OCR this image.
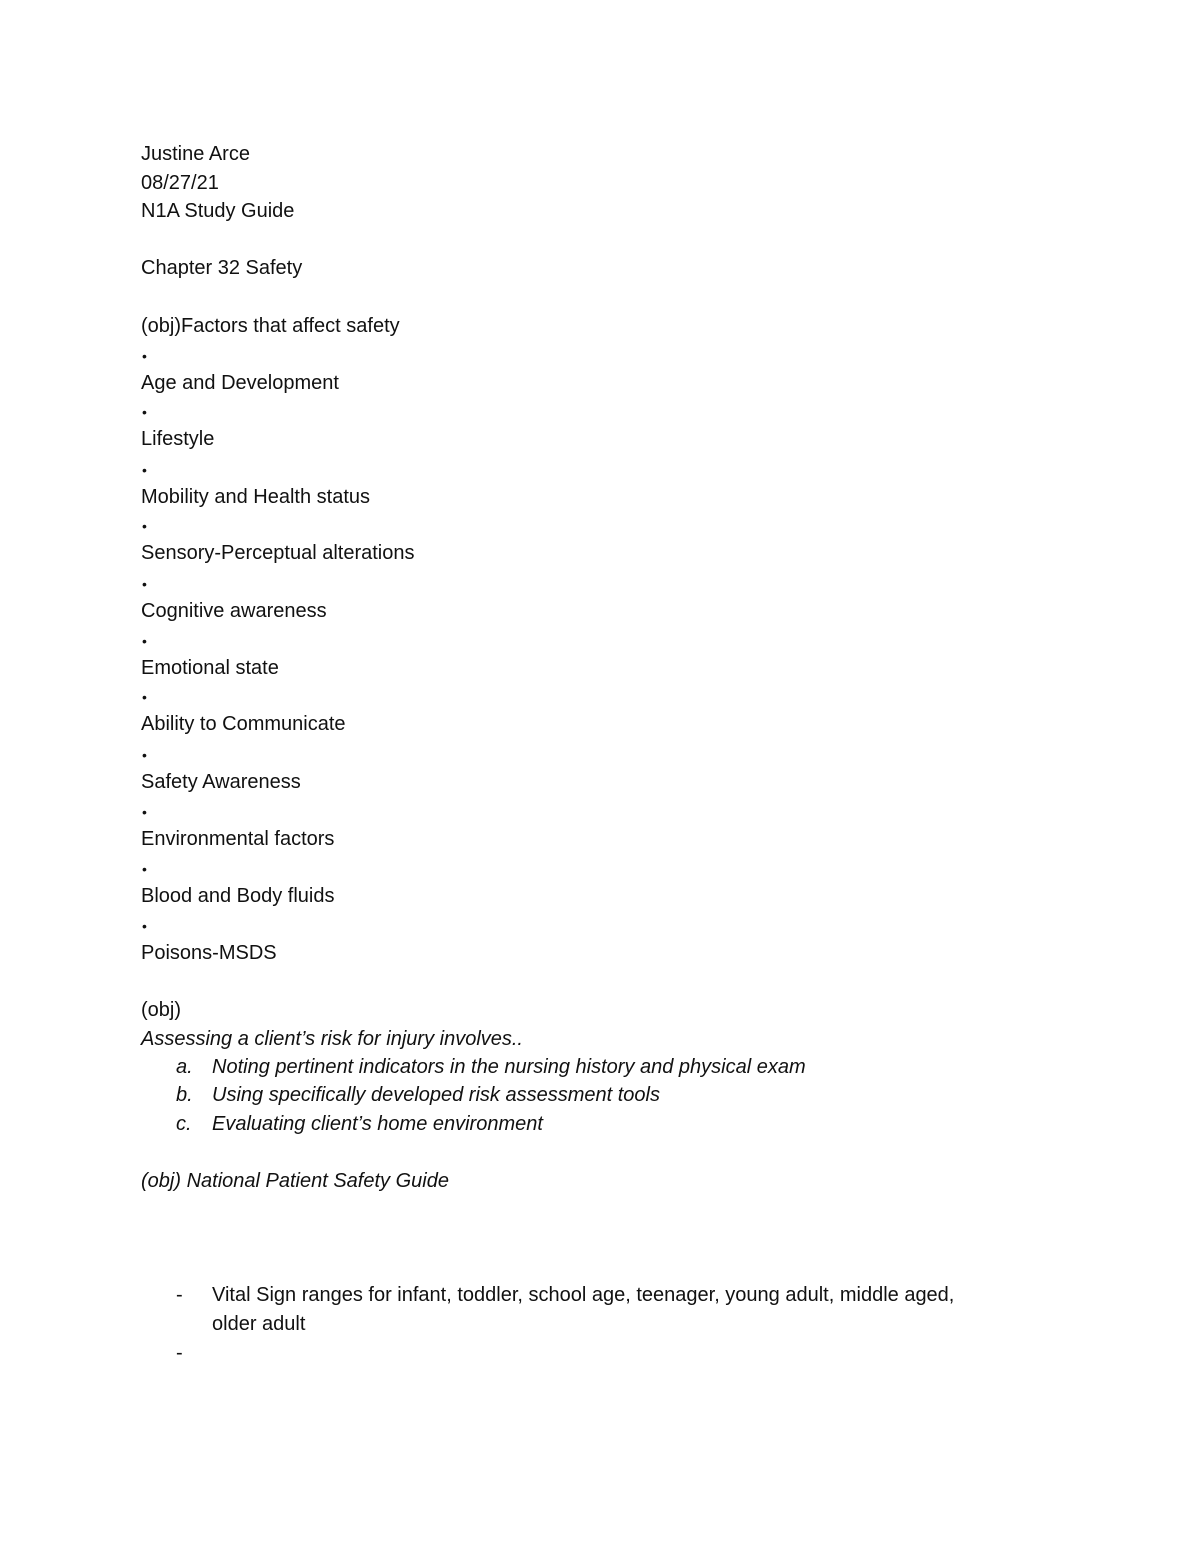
Justine Arce
08/27/21
N1A Study Guide
Chapter 32 Safety
(obj)Factors that affect safety
•
Age and Development
•
Lifestyle
•
Mobility and Health status
•
Sensory-Perceptual alterations
•
Cognitive awareness
•
Emotional state
•
Ability to Communicate
•
Safety Awareness
•
Environmental factors
•
Blood and Body fluids
•
Poisons-MSDS
(obj)
Assessing a client’s risk for injury involves..
a. Noting pertinent indicators in the nursing history and physical exam
b. Using specifically developed risk assessment tools
c. Evaluating client’s home environment
(obj) National Patient Safety Guide
- Vital Sign ranges for infant, toddler, school age, teenager, young adult, middle aged,
older adult
-
